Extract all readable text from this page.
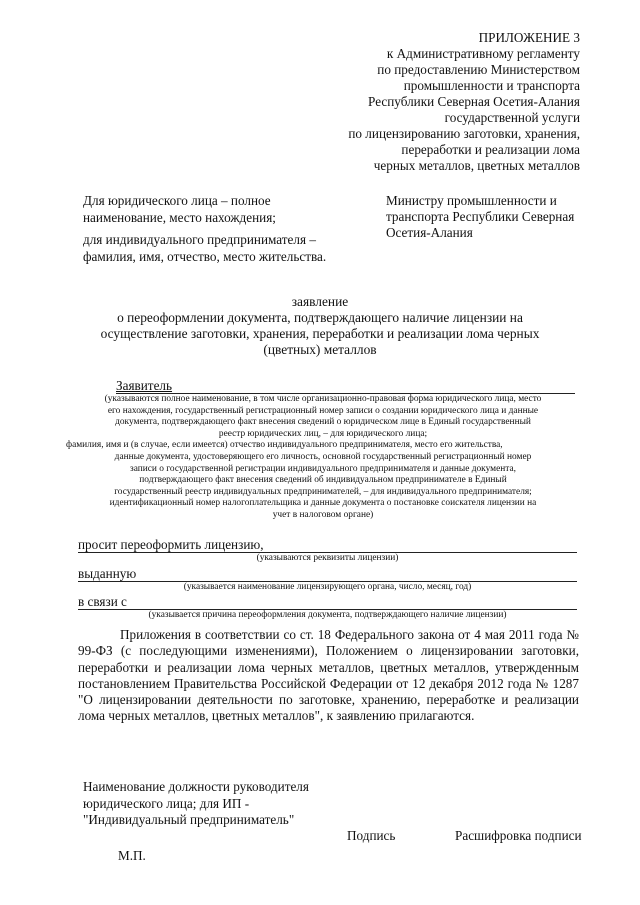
ПРИЛОЖЕНИЕ 3
к Административному регламенту
по предоставлению Министерством
промышленности и транспорта
Республики Северная Осетия-Алания
государственной услуги
по лицензированию заготовки, хранения,
переработки и реализации лома
черных металлов, цветных металлов
Для юридического лица – полное наименование, место нахождения;
для индивидуального предпринимателя – фамилия, имя, отчество, место жительства.
Министру промышленности и транспорта Республики Северная Осетия-Алания
заявление
о переоформлении документа, подтверждающего наличие лицензии на
осуществление заготовки, хранения, переработки и реализации лома черных
(цветных) металлов
Заявитель
(указываются полное наименование, в том числе организационно-правовая форма юридического лица, место
его нахождения, государственный регистрационный номер записи о создании юридического лица и данные
документа, подтверждающего факт внесения сведений о юридическом лице в Единый государственный
реестр юридических лиц, – для юридического лица;
фамилия, имя и (в случае, если имеется) отчество индивидуального предпринимателя, место его жительства,
данные документа, удостоверяющего его личность, основной государственный регистрационный номер
записи о государственной регистрации индивидуального предпринимателя и данные документа,
подтверждающего факт внесения сведений об индивидуальном предпринимателе в Единый
государственный реестр индивидуальных предпринимателей, – для индивидуального предпринимателя;
идентификационный номер налогоплательщика и данные документа о постановке соискателя лицензии на
учет в налоговом органе)
просит переоформить лицензию,
(указываются реквизиты лицензии)
выданную
(указывается наименование лицензирующего органа, число, месяц, год)
в связи с
(указывается причина переоформления документа, подтверждающего наличие лицензии)
Приложения в соответствии со ст. 18 Федерального закона от 4 мая 2011 года № 99-ФЗ (с последующими изменениями), Положением о лицензировании заготовки, переработки и реализации лома черных металлов, цветных металлов, утвержденным постановлением Правительства Российской Федерации от 12 декабря 2012 года № 1287 "О лицензировании деятельности по заготовке, хранению, переработке и реализации лома черных металлов, цветных металлов", к заявлению прилагаются.
Наименование должности руководителя юридического лица; для ИП - "Индивидуальный предприниматель"
Подпись	Расшифровка подписи
М.П.
